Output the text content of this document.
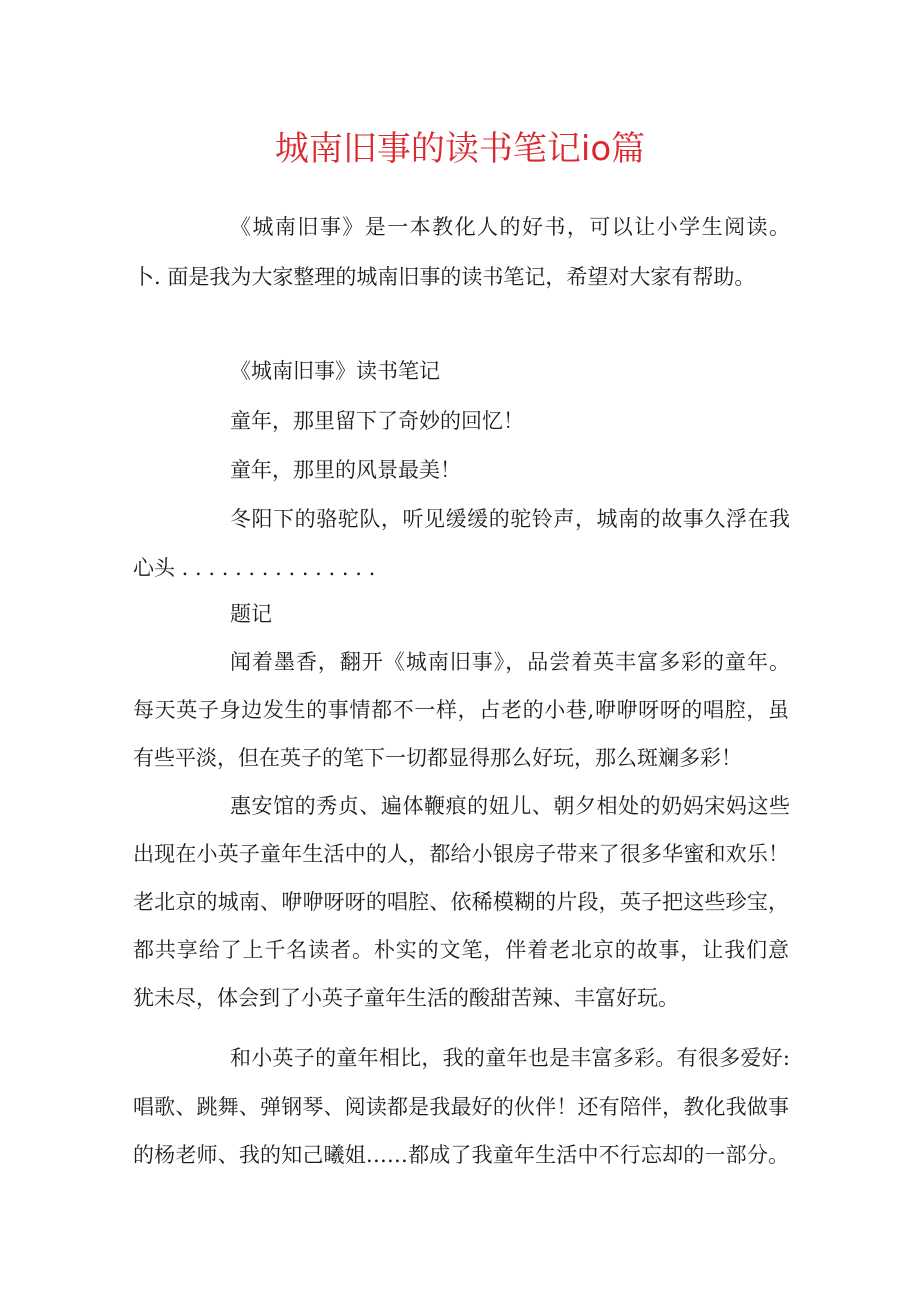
城南旧事的读书笔记io篇

《城南旧事》是一本教化人的好书，可以让小学生阅读。

卜. 面是我为大家整理的城南旧事的读书笔记，希望对大家有帮助。

《城南旧事》读书笔记

童年，那里留下了奇妙的回忆！

童年，那里的风景最美！

冬阳下的骆驼队，听见缓缓的驼铃声，城南的故事久浮在我

心头 . . . . . . . . . . . . . . .

题记

闻着墨香，翻开《城南旧事》，品尝着英丰富多彩的童年。

每天英子身边发生的事情都不一样，占老的小巷,咿咿呀呀的唱腔，虽

有些平淡，但在英子的笔下一切都显得那么好玩，那么斑斓多彩！

惠安馆的秀贞、遍体鞭痕的妞儿、朝夕相处的奶妈宋妈这些

出现在小英子童年生活中的人，都给小银房子带来了很多华蜜和欢乐！

老北京的城南、咿咿呀呀的唱腔、依稀模糊的片段，英子把这些珍宝，

都共享给了上千名读者。朴实的文笔，伴着老北京的故事，让我们意

犹未尽，体会到了小英子童年生活的酸甜苦辣、丰富好玩。

和小英子的童年相比，我的童年也是丰富多彩。有很多爱好:

唱歌、跳舞、弹钢琴、阅读都是我最好的伙伴！还有陪伴，教化我做事

的杨老师、我的知己曦姐……都成了我童年生活中不行忘却的一部分。
